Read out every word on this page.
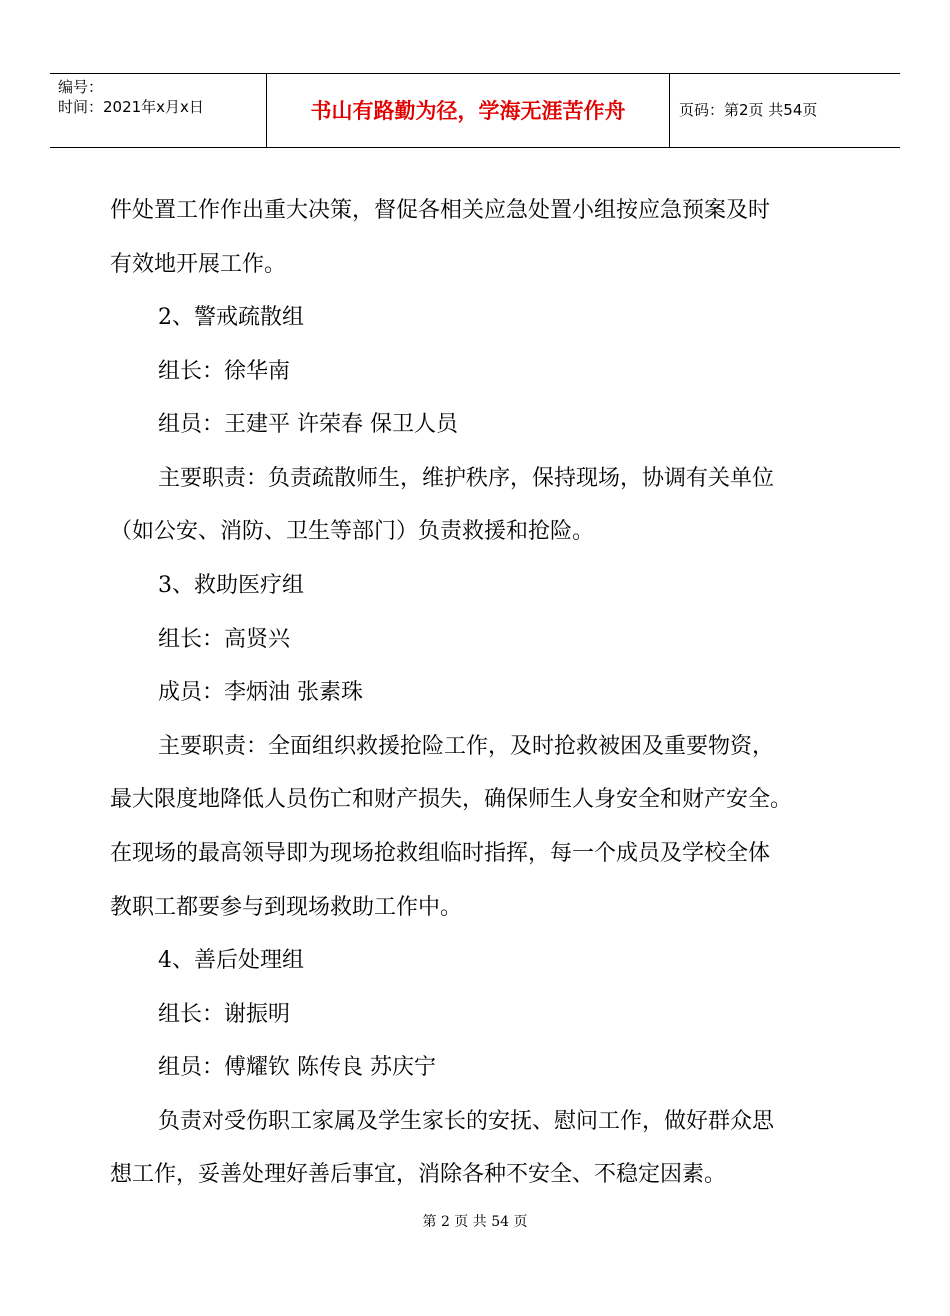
编号：
时间：2021年x月x日	书山有路勤为径，学海无涯苦作舟	页码：第2页 共54页
件处置工作作出重大决策，督促各相关应急处置小组按应急预案及时
有效地开展工作。
2、警戒疏散组
组长：徐华南
组员：王建平 许荣春 保卫人员
主要职责：负责疏散师生，维护秩序，保持现场，协调有关单位
（如公安、消防、卫生等部门）负责救援和抢险。
3、救助医疗组
组长：高贤兴
成员：李炳油 张素珠
主要职责：全面组织救援抢险工作，及时抢救被困及重要物资，
最大限度地降低人员伤亡和财产损失，确保师生人身安全和财产安全。
在现场的最高领导即为现场抢救组临时指挥，每一个成员及学校全体
教职工都要参与到现场救助工作中。
4、善后处理组
组长：谢振明
组员：傅耀钦 陈传良 苏庆宁
负责对受伤职工家属及学生家长的安抚、慰问工作，做好群众思
想工作，妥善处理好善后事宜，消除各种不安全、不稳定因素。
第 2 页 共 54 页
